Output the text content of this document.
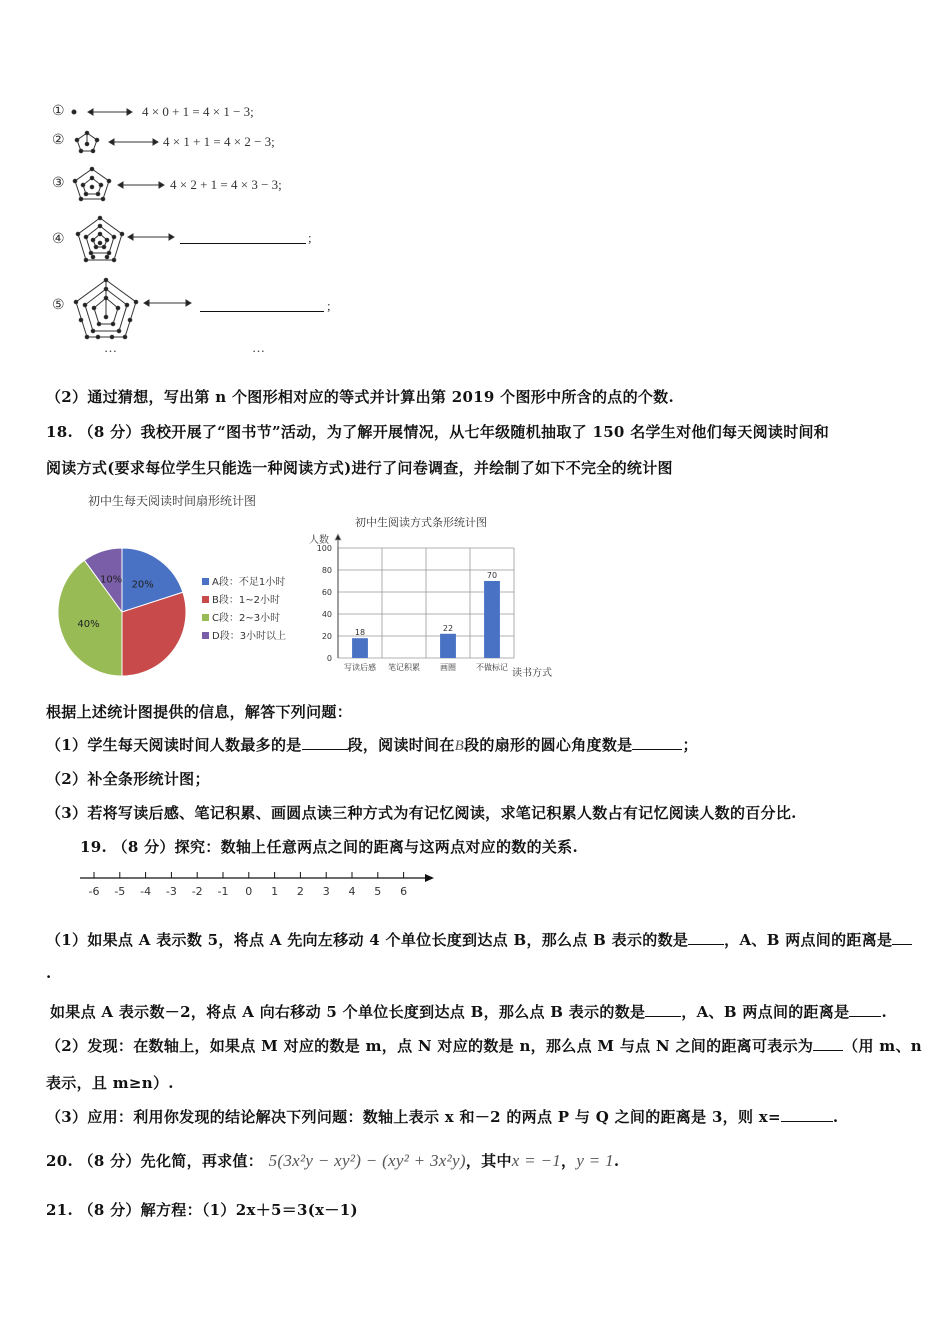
①
②
③
④
⑤
4 × 0 + 1 = 4 × 1 − 3;
4 × 1 + 1 = 4 × 2 − 3;
4 × 2 + 1 = 4 × 3 − 3;
;
;
…	…
（2）通过猜想，写出第 n 个图形相对应的等式并计算出第 2019 个图形中所含的点的个数.
18. （8 分）我校开展了“图书节”活动，为了解开展情况，从七年级随机抽取了 150 名学生对他们每天阅读时间和
阅读方式(要求每位学生只能选一种阅读方式)进行了问卷调查，并绘制了如下不完全的统计图
初中生每天阅读时间扇形统计图
20%
40%
10%	A段：不足1小时
B段：1~2小时
C段：2~3小时
D段：3小时以上
初中生阅读方式条形统计图
人数
读书方式
0
20
40
60
80
100
18	22
70
写读后感 笔记积累	画圈	不做标记
根据上述统计图提供的信息，解答下列问题：
（1）学生每天阅读时间人数最多的是	段，阅读时间在B段的扇形的圆心角度数是	；
（2）补全条形统计图；
（3）若将写读后感、笔记积累、画圆点读三种方式为有记忆阅读，求笔记积累人数占有记忆阅读人数的百分比.
19. （8 分）探究：数轴上任意两点之间的距离与这两点对应的数的关系.
-6 -5 -4 -3 -2 -1 0 1 2 3 4 5 6
（1）如果点 A 表示数 5，将点 A 先向左移动 4 个单位长度到达点 B，那么点 B 表示的数是 ，A、B 两点间的距离是
.
如果点 A 表示数－2，将点 A 向右移动 5 个单位长度到达点 B，那么点 B 表示的数是 ，A、B 两点间的距离是 .
（2）发现：在数轴上，如果点 M 对应的数是 m，点 N 对应的数是 n，那么点 M 与点 N 之间的距离可表示为 （用 m、n
表示，且 m≥n）.
（3）应用：利用你发现的结论解决下列问题：数轴上表示 x 和－2 的两点 P 与 Q 之间的距离是 3，则 x=	.
20. （8 分）先化简，再求值： 5(3x²y − xy²) − (xy² + 3x²y)，其中x = −1，y = 1.
21. （8 分）解方程：（1）2x＋5＝3(x－1)
